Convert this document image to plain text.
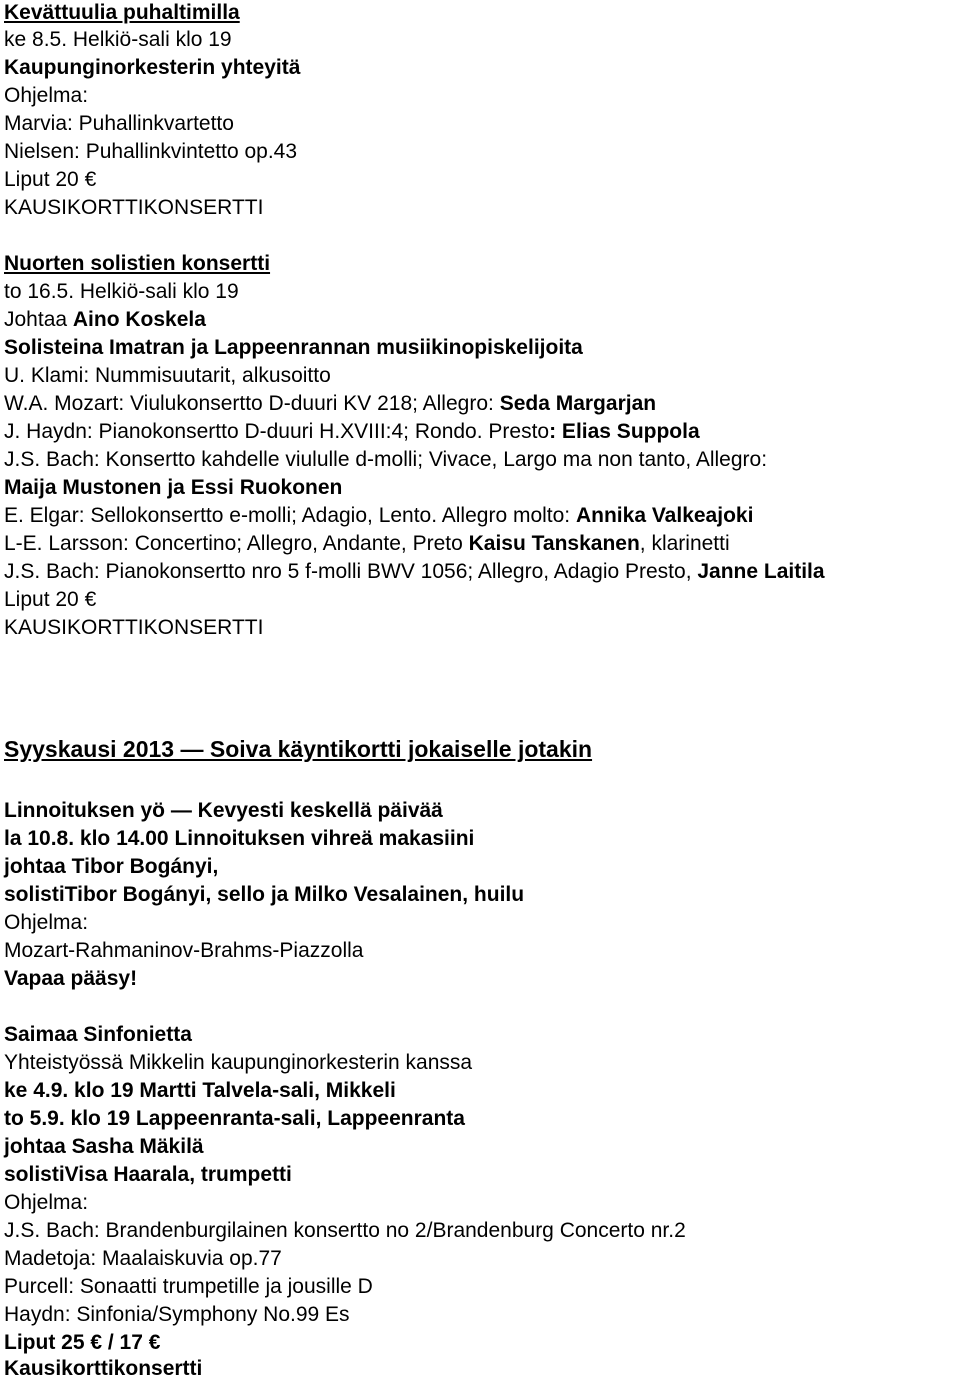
Kevättuulia puhaltimilla
ke 8.5. Helkiö-sali klo 19
Kaupunginorkesterin yhteyitä
Ohjelma:
Marvia: Puhallinkvartetto
Nielsen: Puhallinkvintetto op.43
Liput 20 €
KAUSIKORTTIKONSERTTI
Nuorten solistien konsertti
to 16.5. Helkiö-sali klo 19
Johtaa Aino Koskela
Solisteina Imatran ja Lappeenrannan musiikinopiskelijoita
U. Klami: Nummisuutarit, alkusoitto
W.A. Mozart: Viulukonsertto D-duuri KV 218; Allegro: Seda Margarjan
J. Haydn: Pianokonsertto D-duuri H.XVIII:4; Rondo. Presto: Elias Suppola
J.S. Bach: Konsertto kahdelle viululle d-molli; Vivace, Largo ma non tanto, Allegro:
Maija Mustonen ja Essi Ruokonen
E. Elgar: Sellokonsertto e-molli; Adagio, Lento. Allegro molto: Annika Valkeajoki
L-E. Larsson: Concertino; Allegro, Andante, Preto Kaisu Tanskanen, klarinetti
J.S. Bach: Pianokonsertto nro 5 f-molli BWV 1056; Allegro, Adagio Presto, Janne Laitila
Liput 20 €
KAUSIKORTTIKONSERTTI
Syyskausi 2013 — Soiva käyntikortti jokaiselle jotakin
Linnoituksen yö — Kevyesti keskellä päivää
la 10.8. klo 14.00 Linnoituksen vihreä makasiini
johtaa Tibor Bogányi,
solistiTibor Bogányi, sello ja Milko Vesalainen, huilu
Ohjelma:
Mozart-Rahmaninov-Brahms-Piazzolla
Vapaa pääsy!
Saimaa Sinfonietta
Yhteistyössä Mikkelin kaupunginorkesterin kanssa
ke 4.9. klo 19 Martti Talvela-sali, Mikkeli
to 5.9. klo 19 Lappeenranta-sali, Lappeenranta
johtaa Sasha Mäkilä
solistiVisa Haarala, trumpetti
Ohjelma:
J.S. Bach: Brandenburgilainen konsertto no 2/Brandenburg Concerto nr.2
Madetoja: Maalaiskuvia op.77
Purcell: Sonaatti trumpetille ja jousille D
Haydn: Sinfonia/Symphony No.99 Es
Liput 25 € / 17 €
Kausikorttikonsertti
